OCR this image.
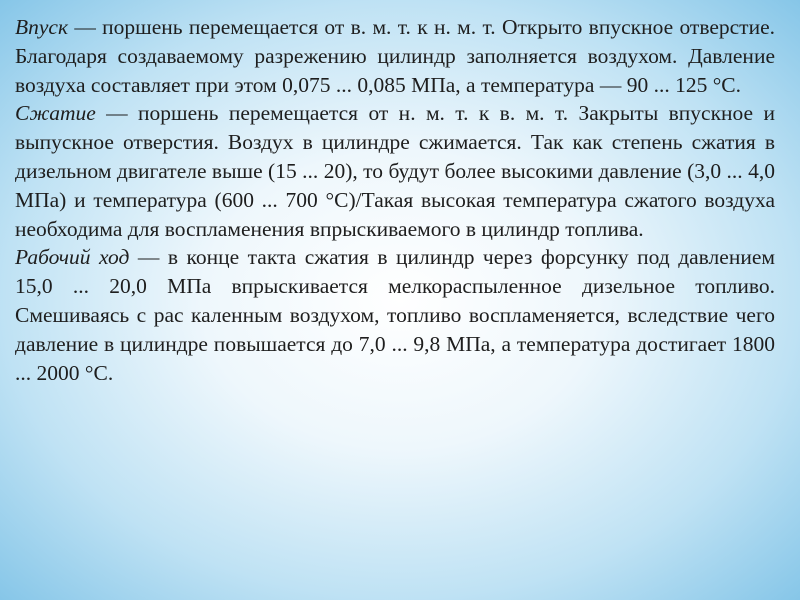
Впуск — поршень перемещается от в. м. т. к н. м. т. Открыто впускное отверстие. Благодаря создаваемому разрежению цилиндр заполняется воздухом. Давление воздуха составляет при этом 0,075 ... 0,085 МПа, а температура — 90 ... 125 °С.

Сжатие — поршень перемещается от н. м. т. к в. м. т. Закрыты впускное и выпускное отверстия. Воздух в цилиндре сжимается. Так как степень сжатия в дизельном двигателе выше (15 ... 20), то будут более высокими давление (3,0 ... 4,0 МПа) и температура (600 ... 700 °С)/Такая высокая температура сжатого воздуха необходима для воспламенения впрыскиваемого в цилиндр топлива.

Рабочий ход — в конце такта сжатия в цилиндр через форсунку под давлением 15,0 ... 20,0 МПа впрыскивается мелкораспыленное дизельное топливо. Смешиваясь с рас каленным воздухом, топливо воспламеняется, вследствие чего давление в цилиндре повышается до 7,0 ... 9,8 МПа, а температура достигает 1800 ... 2000 °С.
